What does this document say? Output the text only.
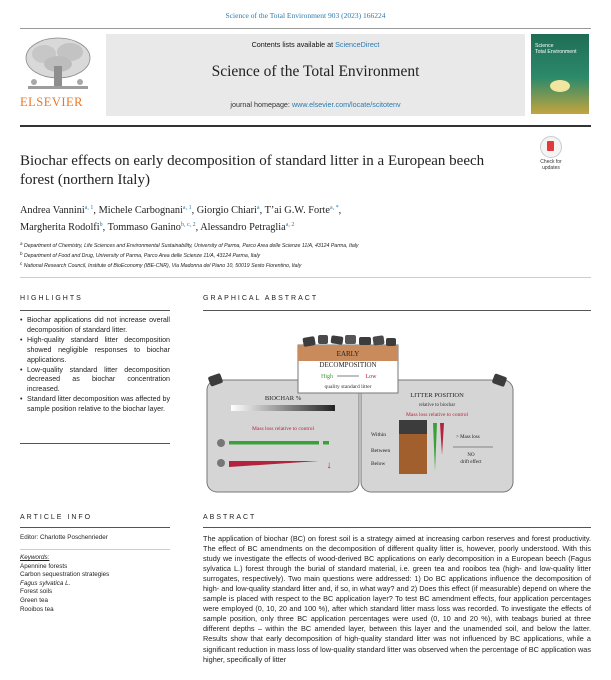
Science of the Total Environment 903 (2023) 166224
ELSEVIER
Contents lists available at ScienceDirect
Science of the Total Environment
journal homepage: www.elsevier.com/locate/scitotenv
Science
Total Environment
Biochar effects on early decomposition of standard litter in a European beech forest (northern Italy)
Check for updates
Andrea Vannini$^{a, 1}$, Michele Carbognani$^{a, 1}$, Giorgio Chiari$^a$, T’ai G.W. Forte$^{a, *}$,
Margherita Rodolfi$^b$, Tommaso Ganino$^{b, c, 2}$, Alessandro Petraglia$^{a, 2}$
$^a$ Department of Chemistry, Life Sciences and Environmental Sustainability, University of Parma, Parco Area delle Scienze 11/A, 43124 Parma, Italy
$^b$ Department of Food and Drug, University of Parma, Parco Area delle Scienze 11/A, 43124 Parma, Italy
$^c$ National Research Council, Institute of BioEconomy (IBE-CNR), Via Madonna del Piano 10, 50019 Sesto Fiorentino, Italy
HIGHLIGHTS
• Biochar applications did not increase overall decomposition of standard litter.
• High-quality standard litter decomposition showed negligible responses to biochar applications.
• Low-quality standard litter decomposition decreased as biochar concentration increased.
• Standard litter decomposition was affected by sample position relative to the biochar layer.
GRAPHICAL ABSTRACT
EARLY
DECOMPOSITION
High	Low
quality standard litter
BIOCHAR %
Mass loss relative to control
↓
LITTER POSITION
relative to biochar
Mass loss relative to control
Within
Between
Below
> Mass loss
NO
drift effect
ARTICLE INFO
Editor: Charlotte Poschenrieder
Keywords:
Apennine forests
Carbon sequestration strategies
Fagus sylvatica L.
Forest soils
Green tea
Rooibos tea
ABSTRACT
The application of biochar (BC) on forest soil is a strategy aimed at increasing carbon reserves and forest productivity. The effect of BC amendments on the decomposition of different quality litter is, however, poorly understood. With this study we investigate the effects of wood-derived BC applications on early decomposition in a European beech (Fagus sylvatica L.) forest through the burial of standard material, i.e. green tea and rooibos tea (high- and low-quality litter surrogates, respectively). Two main questions were addressed: 1) Do BC applications influence the decomposition of high- and low-quality standard litter and, if so, in what way? and 2) Does this effect (if measurable) depend on where the sample is placed with respect to the BC application layer? To test BC amendment effects, four application percentages were employed (0, 10, 20 and 100 %), after which standard litter mass loss was recorded. To investigate the effects of sample position, only three BC application percentages were used (0, 10 and 20 %), with teabags buried at three different depths – within the BC amended layer, between this layer and the unamended soil, and below the latter. Results show that early decomposition of high-quality standard litter was not influenced by BC applications, while a significant reduction in mass loss of low-quality standard litter was observed when the percentage of BC application was higher, specifically of litter
